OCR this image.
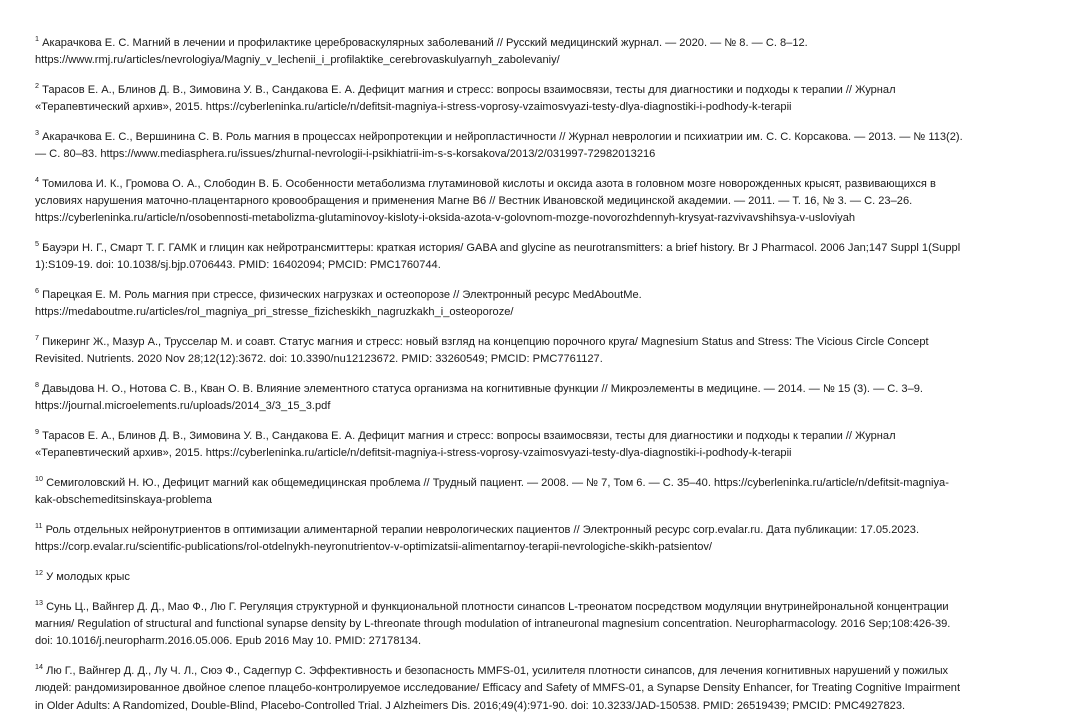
$^1$ Акарачкова Е. С. Магний в лечении и профилактике цереброваскулярных заболеваний // Русский медицинский журнал. — 2020. — № 8. — С. 8–12.
https://www.rmj.ru/articles/nevrologiya/Magniy_v_lechenii_i_profilaktike_cerebrovaskulyarnyh_zabolevaniy/

$^2$ Тарасов Е. А., Блинов Д. В., Зимовина У. В., Сандакова Е. А. Дефицит магния и стресс: вопросы взаимосвязи, тесты для диагностики и подходы к терапии // Журнал
«Терапевтический архив», 2015. https://cyberleninka.ru/article/n/defitsit-magniya-i-stress-voprosy-vzaimosvyazi-testy-dlya-diagnostiki-i-podhody-k-terapii

$^3$ Акарачкова Е. С., Вершинина С. В. Роль магния в процессах нейропротекции и нейропластичности // Журнал неврологии и психиатрии им. С. С. Корсакова. — 2013. — № 113(2).
— С. 80–83. https://www.mediasphera.ru/issues/zhurnal-nevrologii-i-psikhiatrii-im-s-s-korsakova/2013/2/031997-72982013216

$^4$ Томилова И. К., Громова О. А., Слободин В. Б. Особенности метаболизма глутаминовой кислоты и оксида азота в головном мозге новорожденных крысят, развивающихся в
условиях нарушения маточно-плацентарного кровообращения и применения Магне В6 // Вестник Ивановской медицинской академии. — 2011. — Т. 16, № 3. — С. 23–26.
https://cyberleninka.ru/article/n/osobennosti-metabolizma-glutaminovoy-kisloty-i-oksida-azota-v-golovnom-mozge-novorozhdennyh-krysyat-razvivavshihsya-v-usloviyah

$^5$ Бауэри Н. Г., Смарт Т. Г. ГАМК и глицин как нейротрансмиттеры: краткая история/ GABA and glycine as neurotransmitters: a brief history. Br J Pharmacol. 2006 Jan;147 Suppl 1(Suppl
1):S109-19. doi: 10.1038/sj.bjp.0706443. PMID: 16402094; PMCID: PMC1760744.

$^6$ Парецкая Е. М. Роль магния при стрессе, физических нагрузках и остеопорозе // Электронный ресурс MedAboutMe.
https://medaboutme.ru/articles/rol_magniya_pri_stresse_fizicheskikh_nagruzkakh_i_osteoporoze/

$^7$ Пикеринг Ж., Мазур А., Трусселар М. и соавт. Статус магния и стресс: новый взгляд на концепцию порочного круга/ Magnesium Status and Stress: The Vicious Circle Concept
Revisited. Nutrients. 2020 Nov 28;12(12):3672. doi: 10.3390/nu12123672. PMID: 33260549; PMCID: PMC7761127.

$^8$ Давыдова Н. О., Нотова С. В., Кван О. В. Влияние элементного статуса организма на когнитивные функции // Микроэлементы в медицине. — 2014. — № 15 (3). — С. 3–9.
https://journal.microelements.ru/uploads/2014_3/3_15_3.pdf

$^9$ Тарасов Е. А., Блинов Д. В., Зимовина У. В., Сандакова Е. А. Дефицит магния и стресс: вопросы взаимосвязи, тесты для диагностики и подходы к терапии // Журнал
«Терапевтический архив», 2015. https://cyberleninka.ru/article/n/defitsit-magniya-i-stress-voprosy-vzaimosvyazi-testy-dlya-diagnostiki-i-podhody-k-terapii

$^{10}$ Семиголовский Н. Ю., Дефицит магний как общемедицинская проблема // Трудный пациент. — 2008. — № 7, Том 6. — С. 35–40. https://cyberleninka.ru/article/n/defitsit-magniya-
kak-obschemeditsinskaya-problema

$^{11}$ Роль отдельных нейронутриентов в оптимизации алиментарной терапии неврологических пациентов // Электронный ресурс corp.evalar.ru. Дата публикации: 17.05.2023.
https://corp.evalar.ru/scientific-publications/rol-otdelnykh-neyronutrientov-v-optimizatsii-alimentarnoy-terapii-nevrologiche-skikh-patsientov/

$^{12}$ У молодых крыс

$^{13}$ Сунь Ц., Вайнгер Д. Д., Мао Ф., Лю Г. Регуляция структурной и функциональной плотности синапсов L-треонатом посредством модуляции внутринейрональной концентрации
магния/ Regulation of structural and functional synapse density by L-threonate through modulation of intraneuronal magnesium concentration. Neuropharmacology. 2016 Sep;108:426-39.
doi: 10.1016/j.neuropharm.2016.05.006. Epub 2016 May 10. PMID: 27178134.

$^{14}$ Лю Г., Вайнгер Д. Д., Лу Ч. Л., Сюэ Ф., Садегпур С. Эффективность и безопасность MMFS-01, усилителя плотности синапсов, для лечения когнитивных нарушений у пожилых
людей: рандомизированное двойное слепое плацебо-контролируемое исследование/ Efficacy and Safety of MMFS-01, a Synapse Density Enhancer, for Treating Cognitive Impairment
in Older Adults: A Randomized, Double-Blind, Placebo-Controlled Trial. J Alzheimers Dis. 2016;49(4):971-90. doi: 10.3233/JAD-150538. PMID: 26519439; PMCID: PMC4927823.
